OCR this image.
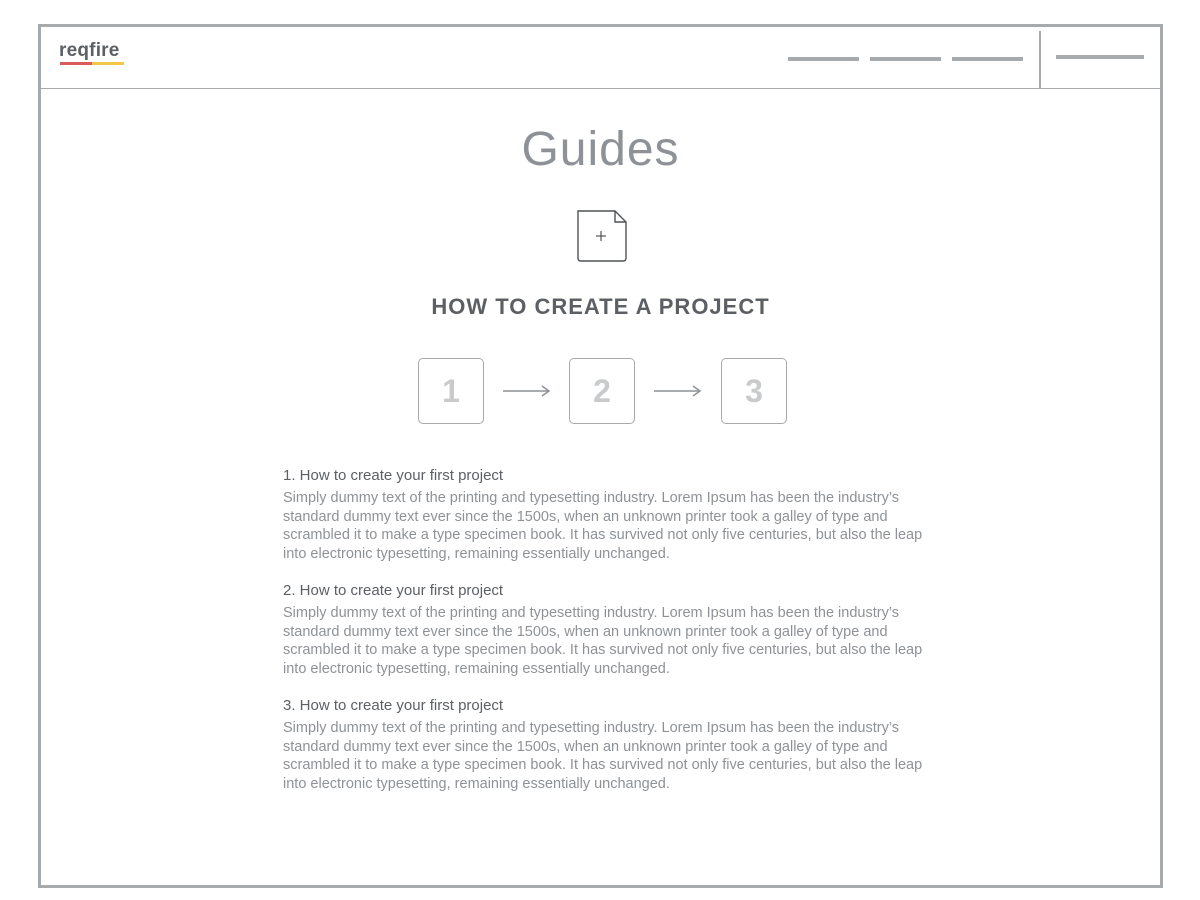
reqfire
Guides
HOW TO CREATE A PROJECT
1	2	3
1. How to create your first project

Simply dummy text of the printing and typesetting industry. Lorem Ipsum has been the industry’s standard dummy text ever since the 1500s, when an unknown printer took a galley of type and scrambled it to make a type specimen book. It has survived not only five centuries, but also the leap into electronic typesetting, remaining essentially unchanged.

2. How to create your first project

Simply dummy text of the printing and typesetting industry. Lorem Ipsum has been the industry’s standard dummy text ever since the 1500s, when an unknown printer took a galley of type and scrambled it to make a type specimen book. It has survived not only five centuries, but also the leap into electronic typesetting, remaining essentially unchanged.

3. How to create your first project

Simply dummy text of the printing and typesetting industry. Lorem Ipsum has been the industry’s standard dummy text ever since the 1500s, when an unknown printer took a galley of type and scrambled it to make a type specimen book. It has survived not only five centuries, but also the leap into electronic typesetting, remaining essentially unchanged.
